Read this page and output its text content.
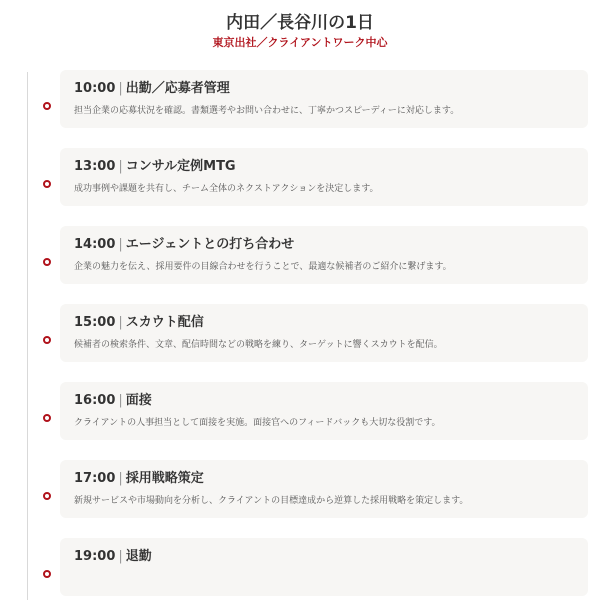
内田／長谷川の1日

東京出社／クライアントワーク中心

10:00 | 出勤／応募者管理
担当企業の応募状況を確認。書類選考やお問い合わせに、丁寧かつスピーディーに対応します。
13:00 | コンサル定例MTG
成功事例や課題を共有し、チーム全体のネクストアクションを決定します。
14:00 | エージェントとの打ち合わせ
企業の魅力を伝え、採用要件の目線合わせを行うことで、最適な候補者のご紹介に繋げます。
15:00 | スカウト配信
候補者の検索条件、文章、配信時間などの戦略を練り、ターゲットに響くスカウトを配信。
16:00 | 面接
クライアントの人事担当として面接を実施。面接官へのフィードバックも大切な役割です。
17:00 | 採用戦略策定
新規サービスや市場動向を分析し、クライアントの目標達成から逆算した採用戦略を策定します。
19:00 | 退勤
